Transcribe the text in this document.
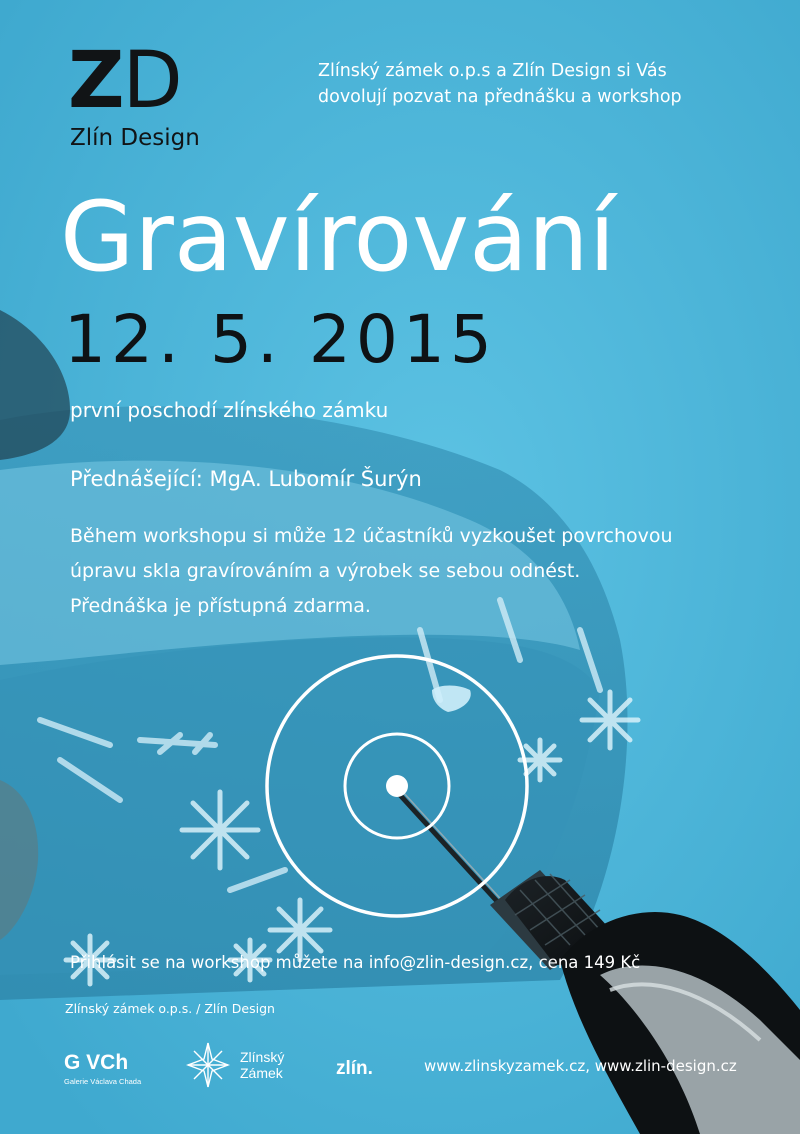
ZD
Zlín Design
Zlínský zámek o.p.s a Zlín Design si Vás
dovolují pozvat na přednášku a workshop
Gravírování
12. 5. 2015
první poschodí zlínského zámku
Přednášející: MgA. Lubomír Šurýn
Během workshopu si může 12 účastníků vyzkoušet povrchovou
úpravu skla gravírováním a výrobek se sebou odnést.
Přednáška je přístupná zdarma.
Přihlásit se na workshop můžete na info@zlin-design.cz, cena 149 Kč
Zlínský zámek o.p.s. / Zlín Design
G VCh
Galerie Václava Chada
Zlínský
Zámek	zlín.	www.zlinskyzamek.cz, www.zlin-design.cz
